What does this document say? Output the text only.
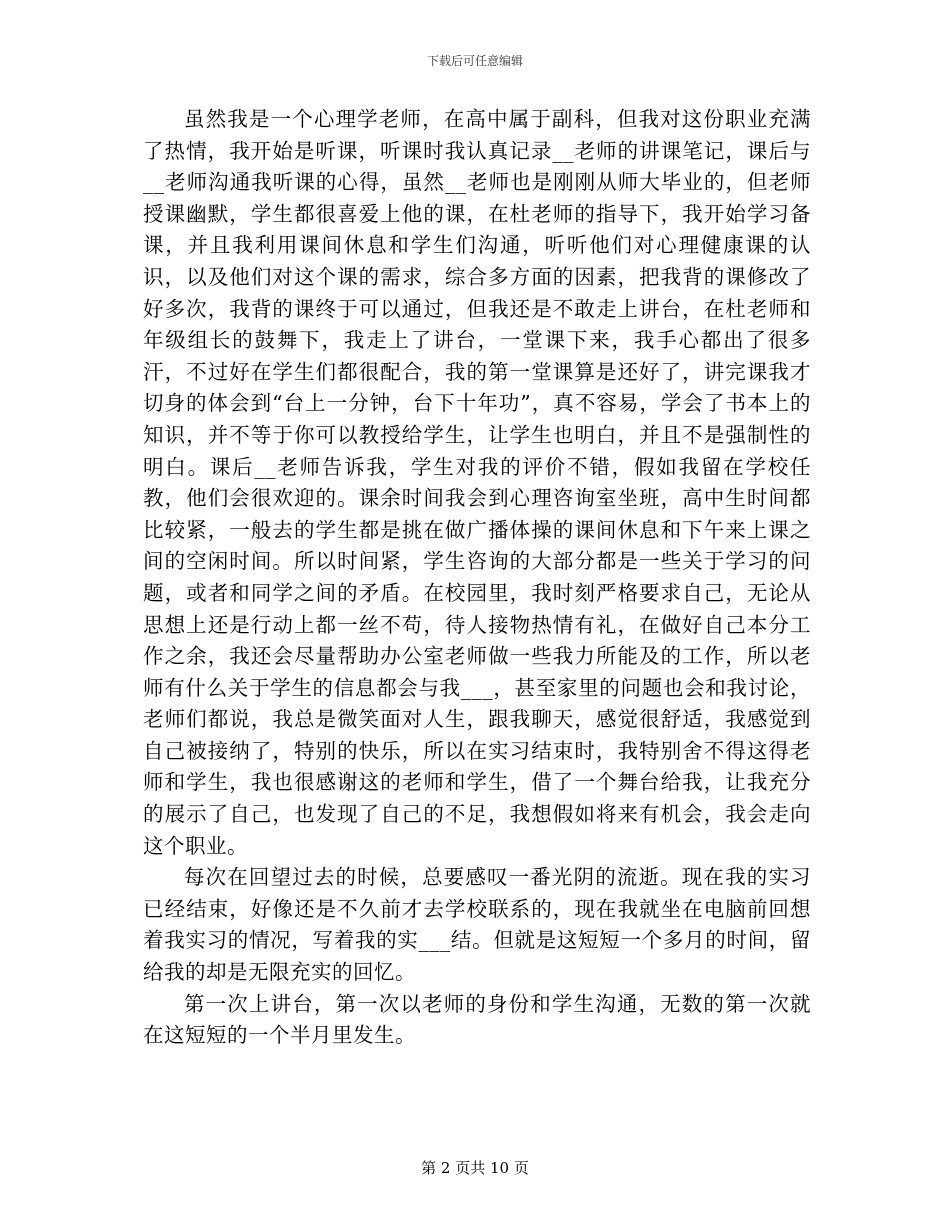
下载后可任意编辑

虽然我是一个心理学老师，在高中属于副科，但我对这份职业充满了热情，我开始是听课，听课时我认真记录__老师的讲课笔记，课后与__老师沟通我听课的心得，虽然__老师也是刚刚从师大毕业的，但老师授课幽默，学生都很喜爱上他的课，在杜老师的指导下，我开始学习备课，并且我利用课间休息和学生们沟通，听听他们对心理健康课的认识，以及他们对这个课的需求，综合多方面的因素，把我背的课修改了好多次，我背的课终于可以通过，但我还是不敢走上讲台，在杜老师和年级组长的鼓舞下，我走上了讲台，一堂课下来，我手心都出了很多汗，不过好在学生们都很配合，我的第一堂课算是还好了，讲完课我才切身的体会到“台上一分钟，台下十年功”，真不容易，学会了书本上的知识，并不等于你可以教授给学生，让学生也明白，并且不是强制性的明白。课后__老师告诉我，学生对我的评价不错，假如我留在学校任教，他们会很欢迎的。课余时间我会到心理咨询室坐班，高中生时间都比较紧，一般去的学生都是挑在做广播体操的课间休息和下午来上课之间的空闲时间。所以时间紧，学生咨询的大部分都是一些关于学习的问题，或者和同学之间的矛盾。在校园里，我时刻严格要求自己，无论从思想上还是行动上都一丝不苟，待人接物热情有礼，在做好自己本分工作之余，我还会尽量帮助办公室老师做一些我力所能及的工作，所以老师有什么关于学生的信息都会与我___，甚至家里的问题也会和我讨论，老师们都说，我总是微笑面对人生，跟我聊天，感觉很舒适，我感觉到自己被接纳了，特别的快乐，所以在实习结束时，我特别舍不得这得老师和学生，我也很感谢这的老师和学生，借了一个舞台给我，让我充分的展示了自己，也发现了自己的不足，我想假如将来有机会，我会走向这个职业。

每次在回望过去的时候，总要感叹一番光阴的流逝。现在我的实习已经结束，好像还是不久前才去学校联系的，现在我就坐在电脑前回想着我实习的情况，写着我的实___结。但就是这短短一个多月的时间，留给我的却是无限充实的回忆。

第一次上讲台，第一次以老师的身份和学生沟通，无数的第一次就在这短短的一个半月里发生。

第 2 页共 10 页
